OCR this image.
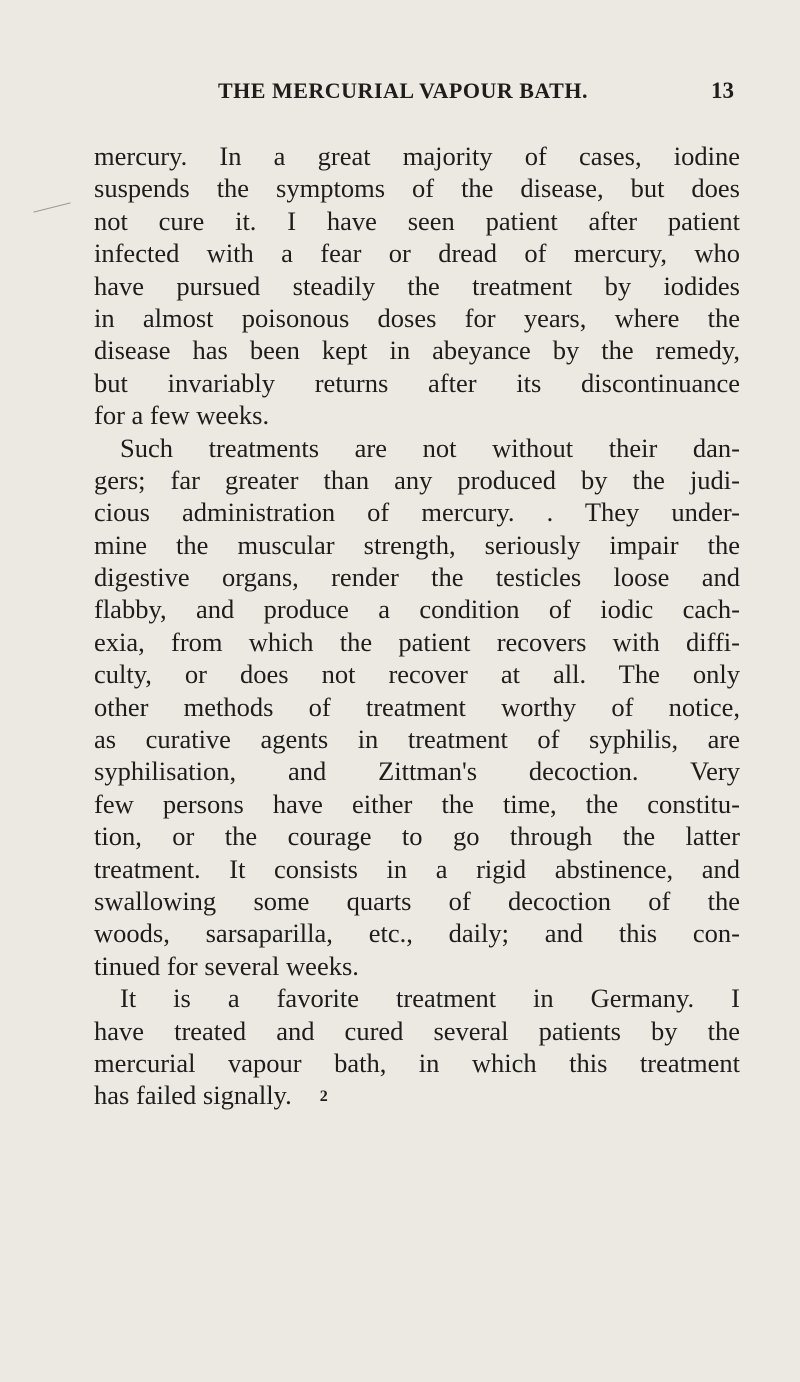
THE MERCURIAL VAPOUR BATH.	13
mercury. In a great majority of cases, iodine
suspends the symptoms of the disease, but does
not cure it. I have seen patient after patient
infected with a fear or dread of mercury, who
have pursued steadily the treatment by iodides
in almost poisonous doses for years, where the
disease has been kept in abeyance by the remedy,
but invariably returns after its discontinuance
for a few weeks.
Such treatments are not without their dan-
gers; far greater than any produced by the judi-
cious administration of mercury. . They under-
mine the muscular strength, seriously impair the
digestive organs, render the testicles loose and
flabby, and produce a condition of iodic cach-
exia, from which the patient recovers with diffi-
culty, or does not recover at all. The only
other methods of treatment worthy of notice,
as curative agents in treatment of syphilis, are
syphilisation, and Zittman's decoction. Very
few persons have either the time, the constitu-
tion, or the courage to go through the latter
treatment. It consists in a rigid abstinence, and
swallowing some quarts of decoction of the
woods, sarsaparilla, etc., daily; and this con-
tinued for several weeks.
It is a favorite treatment in Germany. I
have treated and cured several patients by the
mercurial vapour bath, in which this treatment
has failed signally. 2
